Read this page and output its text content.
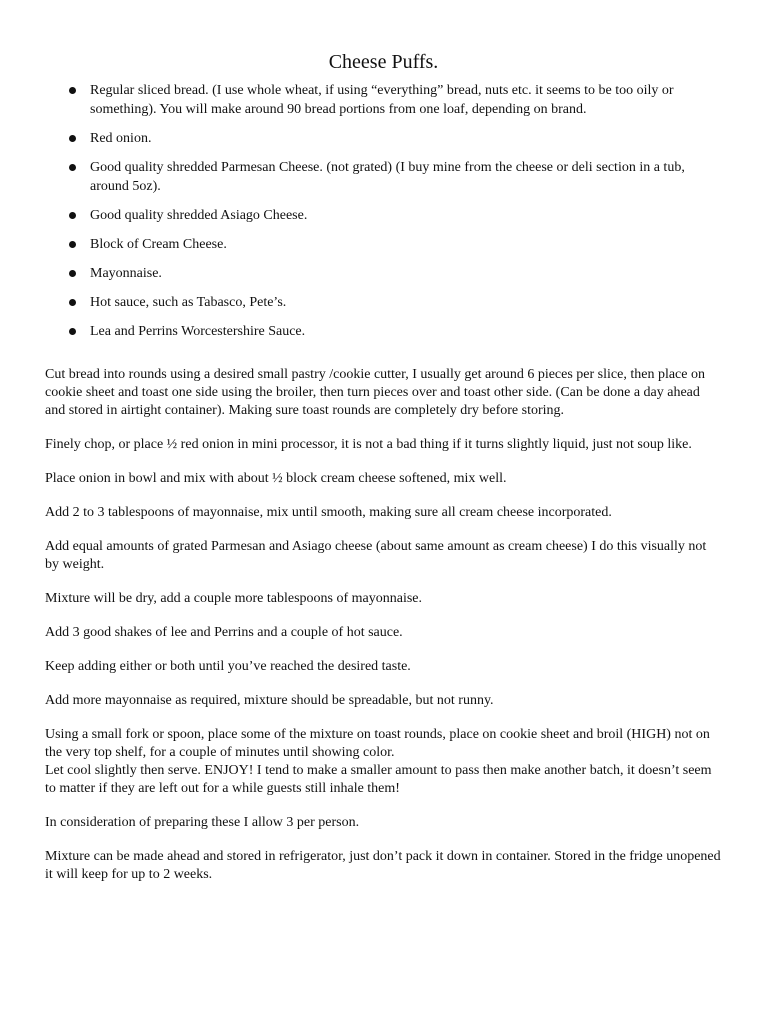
Cheese Puffs.
Regular sliced bread. (I use whole wheat, if using “everything” bread, nuts etc. it seems to be too oily or something). You will make around 90 bread portions from one loaf, depending on brand.
Red onion.
Good quality shredded Parmesan Cheese. (not grated) (I buy mine from the cheese or deli section in a tub, around 5oz).
Good quality shredded Asiago Cheese.
Block of Cream Cheese.
Mayonnaise.
Hot sauce, such as Tabasco, Pete’s.
Lea and Perrins Worcestershire Sauce.

Cut bread into rounds using a desired small pastry /cookie cutter, I usually get around 6 pieces per slice, then place on cookie sheet and toast one side using the broiler, then turn pieces over and toast other side. (Can be done a day ahead and stored in airtight container). Making sure toast rounds are completely dry before storing.

Finely chop, or place ½ red onion in mini processor, it is not a bad thing if it turns slightly liquid, just not soup like.

Place onion in bowl and mix with about ½ block cream cheese softened, mix well.

Add 2 to 3 tablespoons of mayonnaise, mix until smooth, making sure all cream cheese incorporated.

Add equal amounts of grated Parmesan and Asiago cheese (about same amount as cream cheese) I do this visually not by weight.

Mixture will be dry, add a couple more tablespoons of mayonnaise.

Add 3 good shakes of lee and Perrins and a couple of hot sauce.

Keep adding either or both until you’ve reached the desired taste.

Add more mayonnaise as required, mixture should be spreadable, but not runny.

Using a small fork or spoon, place some of the mixture on toast rounds, place on cookie sheet and broil (HIGH) not on the very top shelf, for a couple of minutes until showing color.
Let cool slightly then serve. ENJOY! I tend to make a smaller amount to pass then make another batch, it doesn’t seem to matter if they are left out for a while guests still inhale them!

In consideration of preparing these I allow 3 per person.

Mixture can be made ahead and stored in refrigerator, just don’t pack it down in container. Stored in the fridge unopened it will keep for up to 2 weeks.
